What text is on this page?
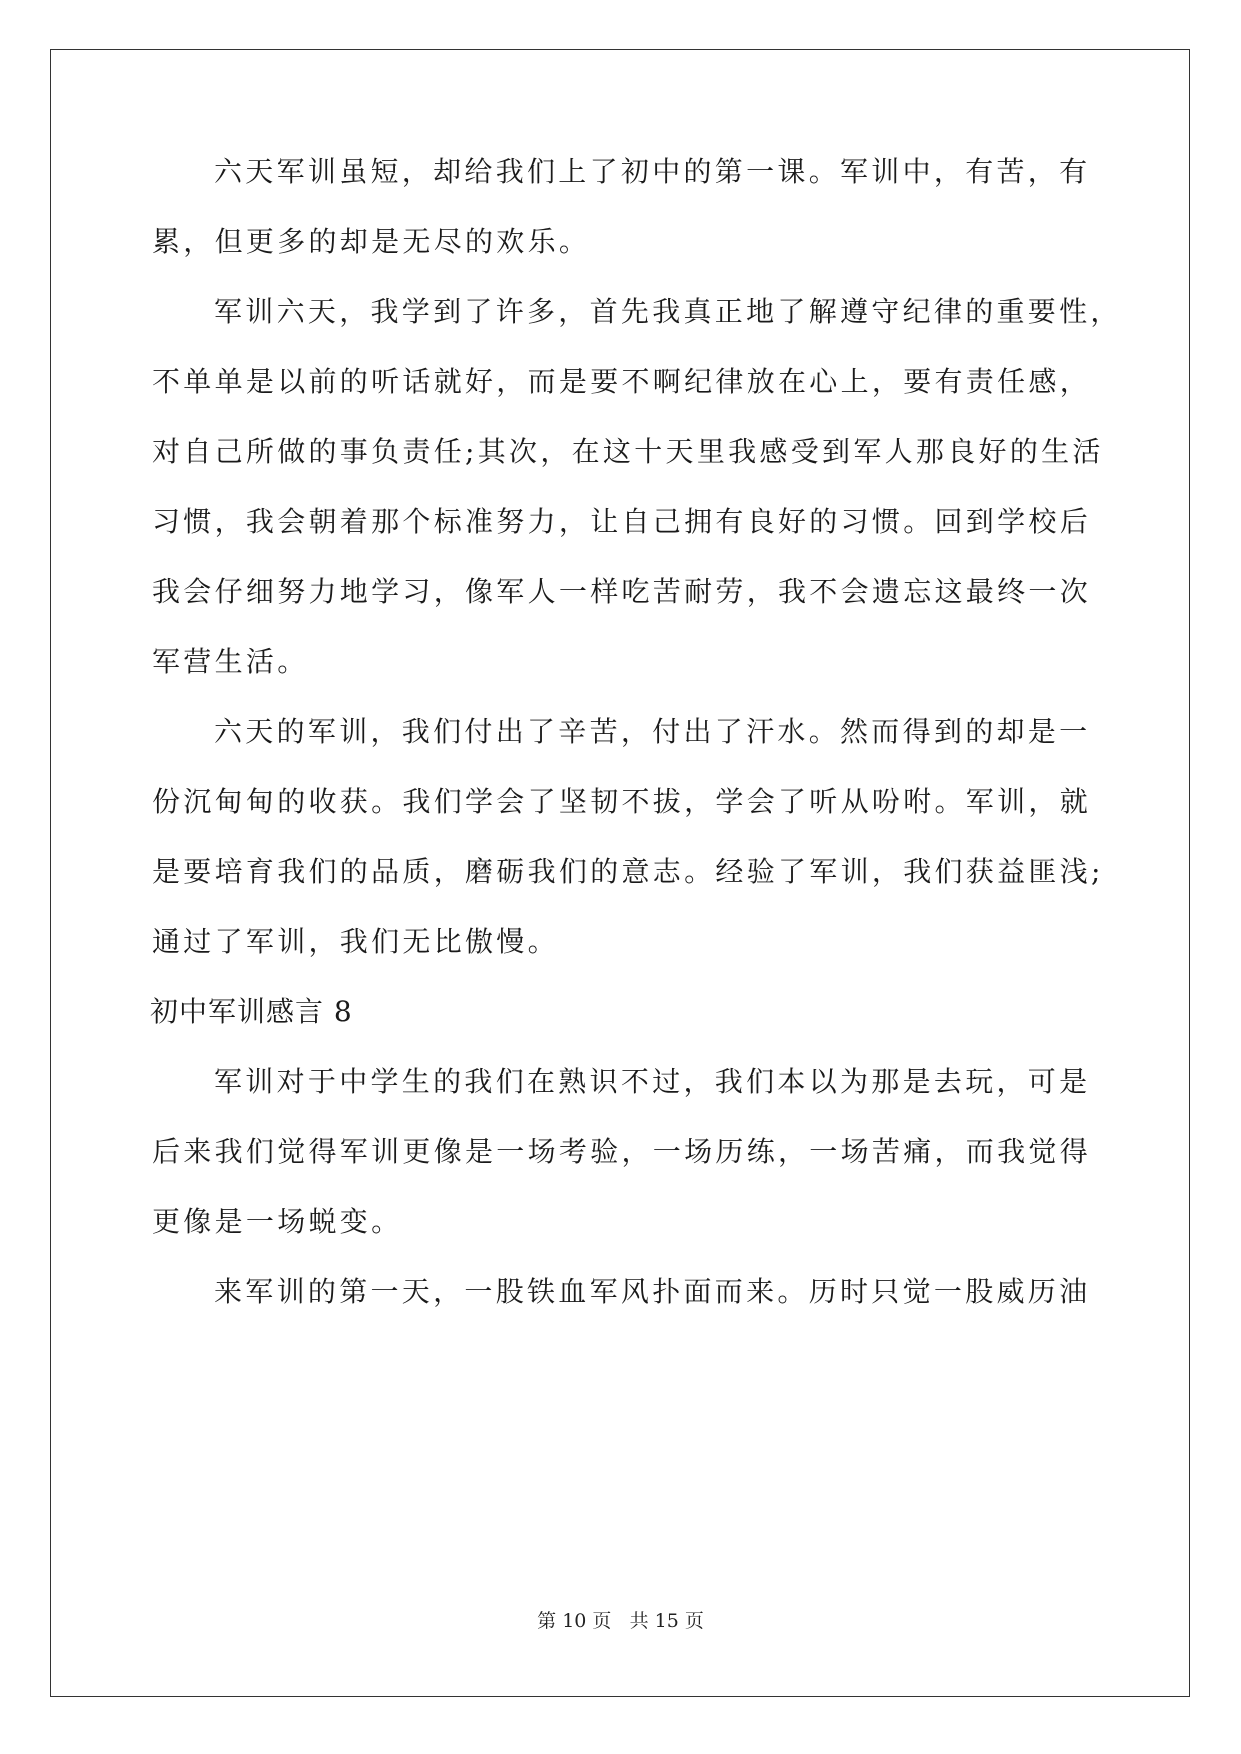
六天军训虽短，却给我们上了初中的第一课。军训中，有苦，有
累，但更多的却是无尽的欢乐。
军训六天，我学到了许多，首先我真正地了解遵守纪律的重要性，
不单单是以前的听话就好，而是要不啊纪律放在心上，要有责任感，
对自己所做的事负责任;其次，在这十天里我感受到军人那良好的生活
习惯，我会朝着那个标准努力，让自己拥有良好的习惯。回到学校后
我会仔细努力地学习，像军人一样吃苦耐劳，我不会遗忘这最终一次
军营生活。
六天的军训，我们付出了辛苦，付出了汗水。然而得到的却是一
份沉甸甸的收获。我们学会了坚韧不拔，学会了听从吩咐。军训，就
是要培育我们的品质，磨砺我们的意志。经验了军训，我们获益匪浅;
通过了军训，我们无比傲慢。
初中军训感言 8
军训对于中学生的我们在熟识不过，我们本以为那是去玩，可是
后来我们觉得军训更像是一场考验，一场历练，一场苦痛，而我觉得
更像是一场蜕变。
来军训的第一天，一股铁血军风扑面而来。历时只觉一股威历油
第 10 页 共 15 页
